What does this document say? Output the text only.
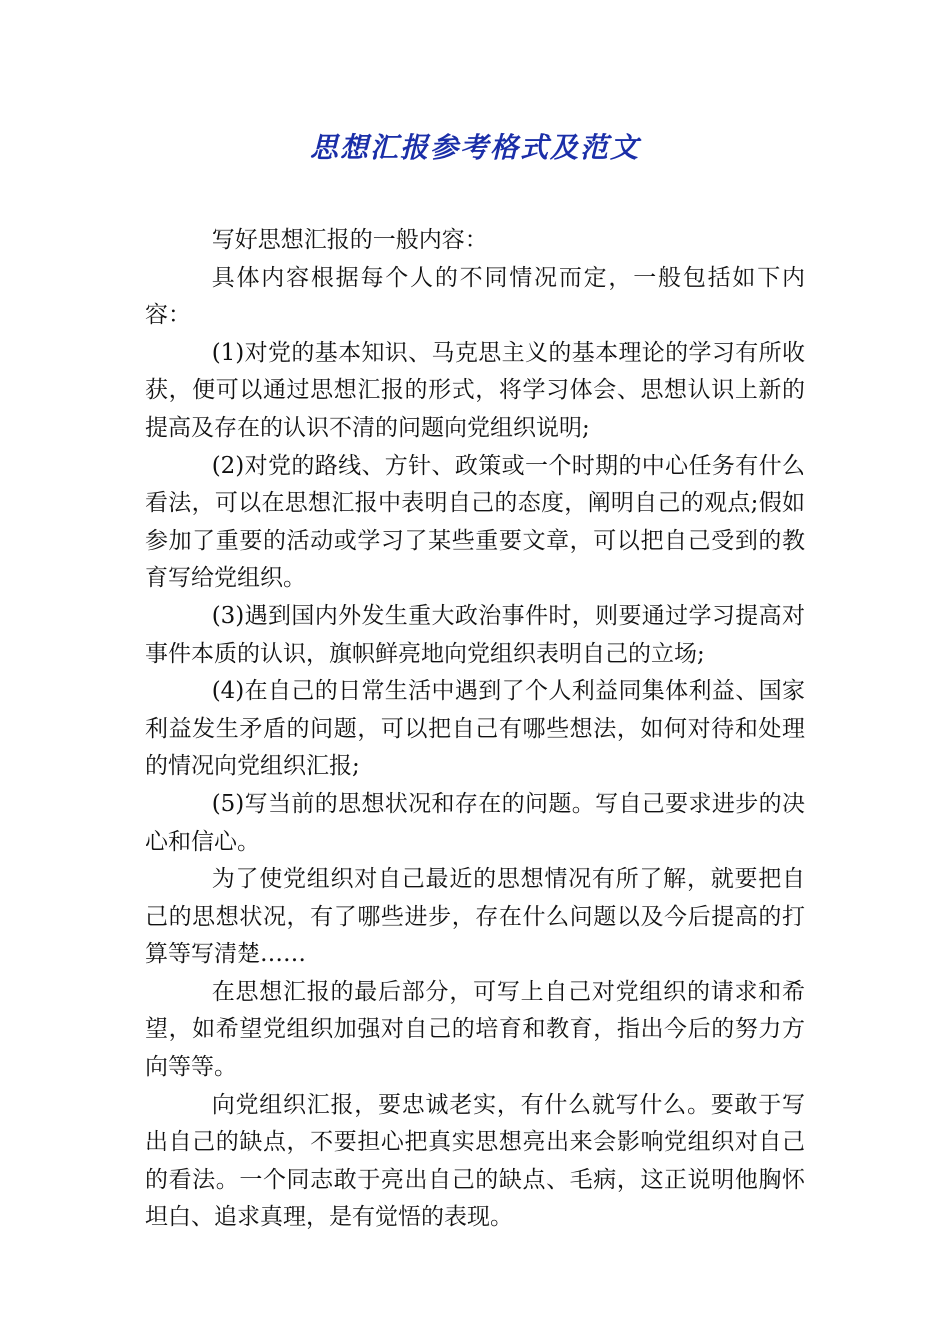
思想汇报参考格式及范文

写好思想汇报的一般内容：

具体内容根据每个人的不同情况而定，一般包括如下内容：

(1)对党的基本知识、马克思主义的基本理论的学习有所收获，便可以通过思想汇报的形式，将学习体会、思想认识上新的提高及存在的认识不清的问题向党组织说明;

(2)对党的路线、方针、政策或一个时期的中心任务有什么看法，可以在思想汇报中表明自己的态度，阐明自己的观点;假如参加了重要的活动或学习了某些重要文章，可以把自己受到的教育写给党组织。

(3)遇到国内外发生重大政治事件时，则要通过学习提高对事件本质的认识，旗帜鲜亮地向党组织表明自己的立场;

(4)在自己的日常生活中遇到了个人利益同集体利益、国家利益发生矛盾的问题，可以把自己有哪些想法，如何对待和处理的情况向党组织汇报;

(5)写当前的思想状况和存在的问题。写自己要求进步的决心和信心。

为了使党组织对自己最近的思想情况有所了解，就要把自己的思想状况，有了哪些进步，存在什么问题以及今后提高的打算等写清楚……

在思想汇报的最后部分，可写上自己对党组织的请求和希望，如希望党组织加强对自己的培育和教育，指出今后的努力方向等等。

向党组织汇报，要忠诚老实，有什么就写什么。要敢于写出自己的缺点，不要担心把真实思想亮出来会影响党组织对自己的看法。一个同志敢于亮出自己的缺点、毛病，这正说明他胸怀坦白、追求真理，是有觉悟的表现。
